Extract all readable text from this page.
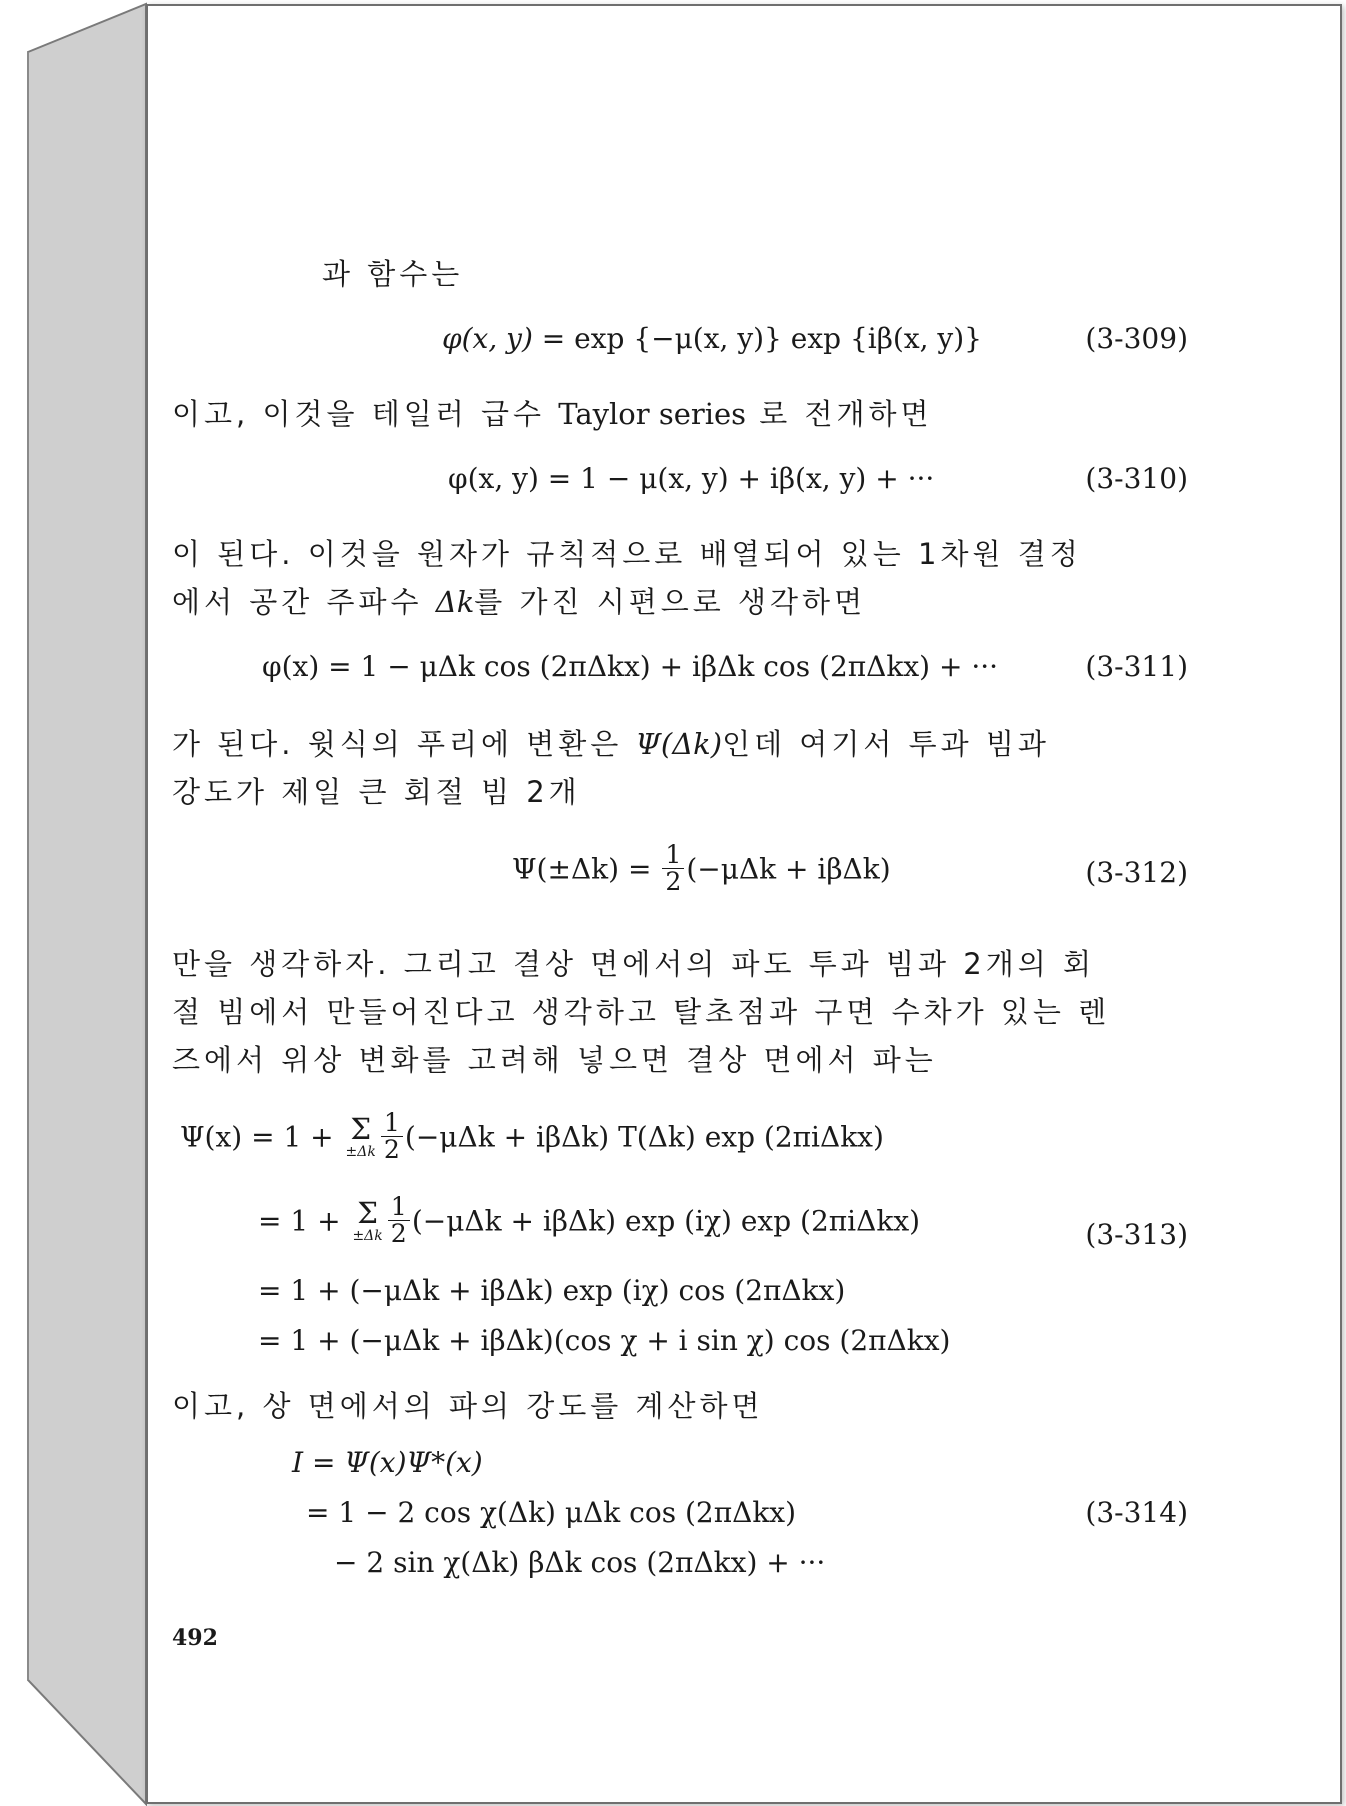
과 함수는

φ(x, y) = exp {−μ(x, y)} exp {iβ(x, y)}	(3-309)

이고, 이것을 테일러 급수 Taylor series 로 전개하면

φ(x, y) = 1 − μ(x, y) + iβ(x, y) + ···	(3-310)

이 된다. 이것을 원자가 규칙적으로 배열되어 있는 1차원 결정

에서 공간 주파수 Δk를 가진 시편으로 생각하면

φ(x) = 1 − μΔk cos (2πΔkx) + iβΔk cos (2πΔkx) + ···	(3-311)

가 된다. 윗식의 푸리에 변환은 Ψ(Δk)인데 여기서 투과 빔과

강도가 제일 큰 회절 빔 2개

$\Psi(\pm\Delta k) = \frac{1}{2} (-\mu\Delta k + i\beta\Delta k)$	(3-312)

만을 생각하자. 그리고 결상 면에서의 파도 투과 빔과 2개의 회

절 빔에서 만들어진다고 생각하고 탈초점과 구면 수차가 있는 렌

즈에서 위상 변화를 고려해 넣으면 결상 면에서 파는

Ψ(x) = 1 + Σ
$\pm\Delta k \frac{1}{2} (-\mu\Delta k + i\beta\Delta k)$ T(Δk) exp (2πiΔkx)
= 1 + Σ
$\pm\Delta k \frac{1}{2} (-\mu\Delta k + i\beta\Delta k)$ exp (iχ) exp (2πiΔkx)	(3-313)
= 1 + (−μΔk + iβΔk) exp (iχ) cos (2πΔkx)
= 1 + (−μΔk + iβΔk)(cos χ + i sin χ) cos (2πΔkx)

이고, 상 면에서의 파의 강도를 계산하면

I = Ψ(x)Ψ*(x)
= 1 − 2 cos χ(Δk) μΔk cos (2πΔkx)	(3-314)
− 2 sin χ(Δk) βΔk cos (2πΔkx) + ···
492
